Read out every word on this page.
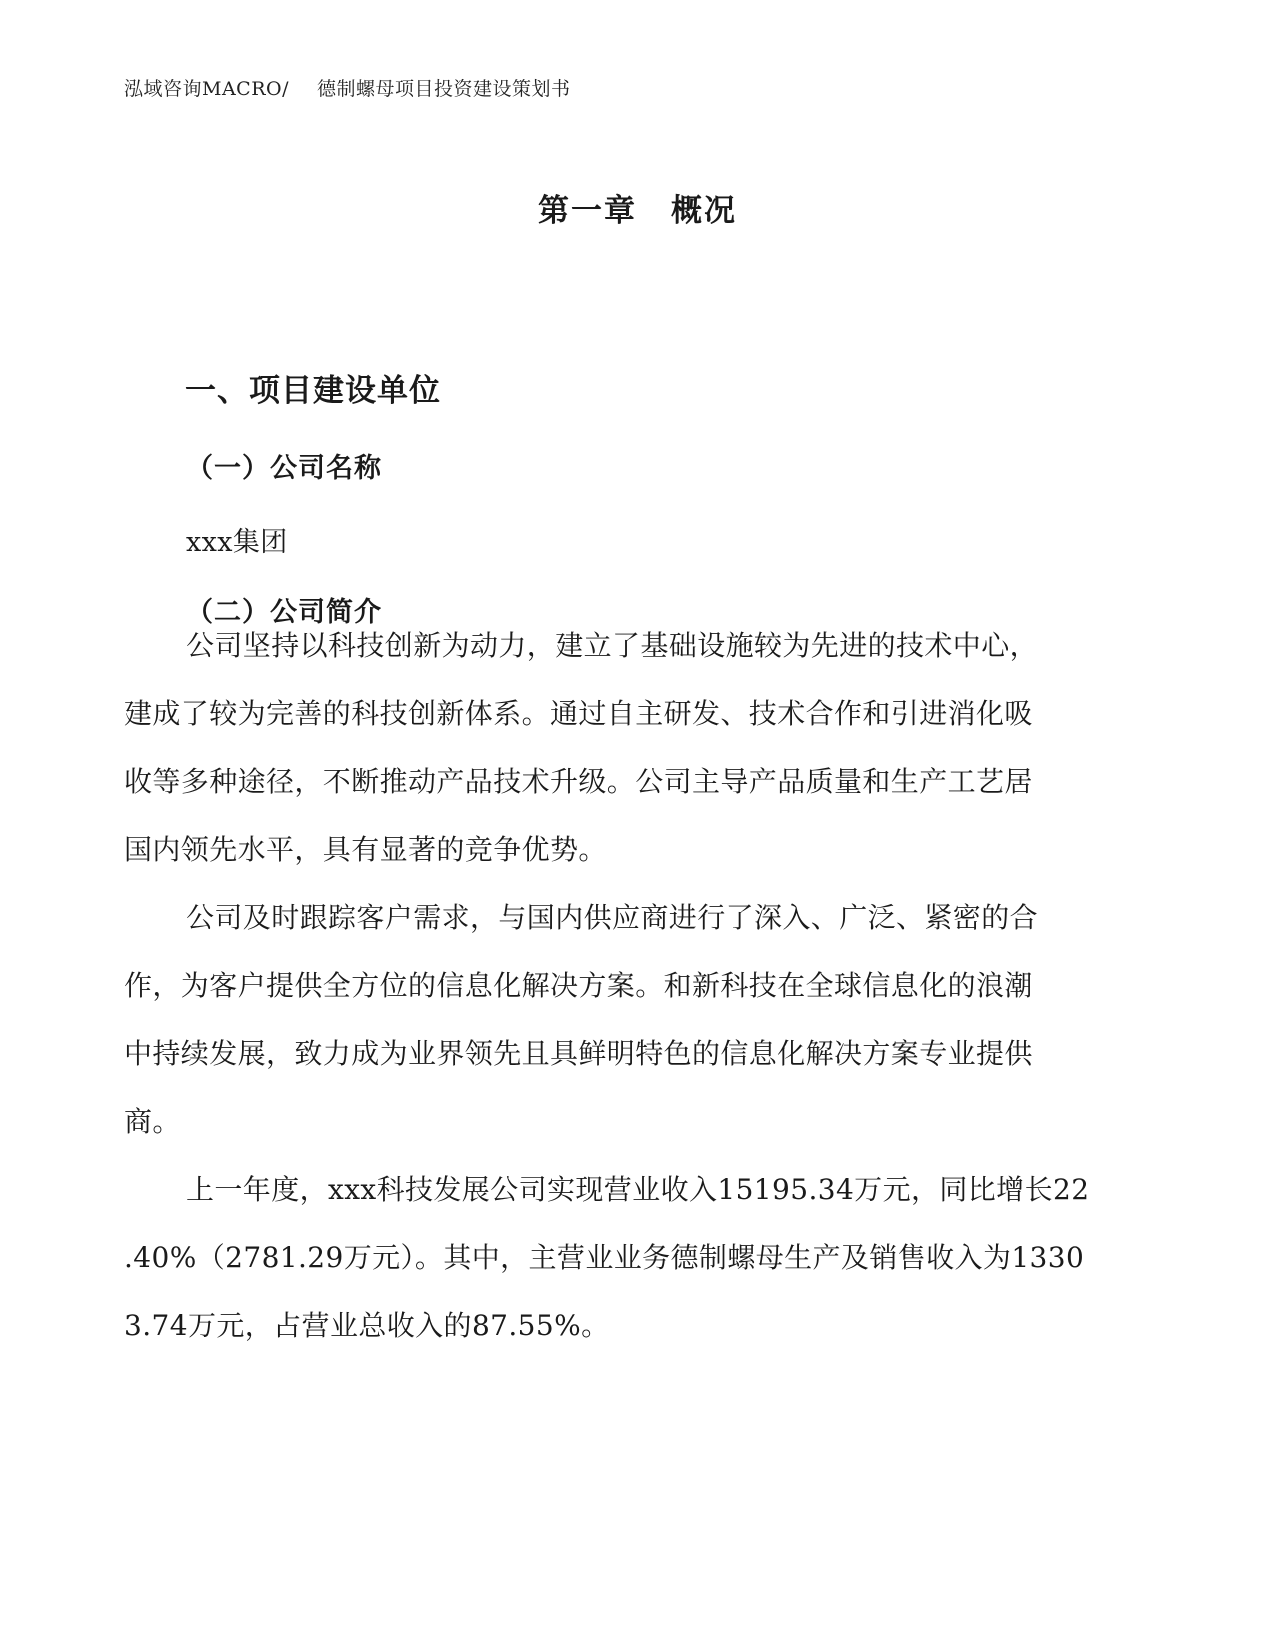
泓域咨询MACRO/ 德制螺母项目投资建设策划书
第一章 概况
一、项目建设单位
（一）公司名称
xxx集团
（二）公司简介
公司坚持以科技创新为动力，建立了基础设施较为先进的技术中心，
建成了较为完善的科技创新体系。通过自主研发、技术合作和引进消化吸
收等多种途径，不断推动产品技术升级。公司主导产品质量和生产工艺居
国内领先水平，具有显著的竞争优势。
公司及时跟踪客户需求，与国内供应商进行了深入、广泛、紧密的合
作，为客户提供全方位的信息化解决方案。和新科技在全球信息化的浪潮
中持续发展，致力成为业界领先且具鲜明特色的信息化解决方案专业提供
商。
上一年度，xxx科技发展公司实现营业收入15195.34万元，同比增长22
.40%（2781.29万元）。其中，主营业业务德制螺母生产及销售收入为1330
3.74万元，占营业总收入的87.55%。
